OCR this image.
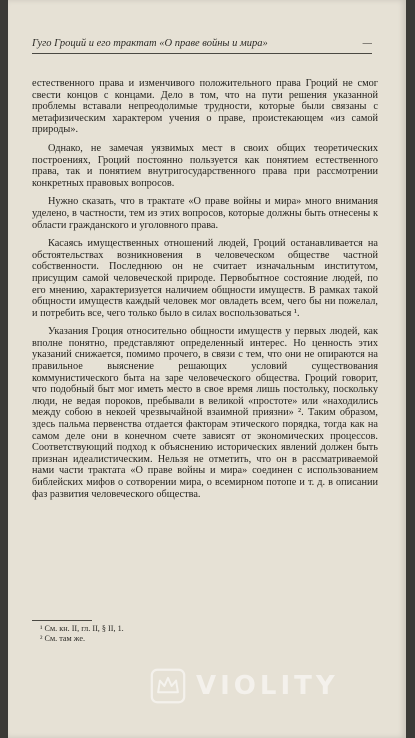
Гуго Гроций и его трактат «О праве войны и мира»	—

естественного права и изменчивого положительного права Гроций не смог свести концов с концами. Дело в том, что на пути решения указанной проблемы вставали непреодолимые трудности, которые были связаны с метафизическим характером учения о праве, проистекающем «из самой природы».

Однако, не замечая уязвимых мест в своих общих теоретических построениях, Гроций постоянно пользуется как понятием естественного права, так и понятием внутригосударственного права при рассмотрении конкретных правовых вопросов.

Нужно сказать, что в трактате «О праве войны и мира» много внимания уделено, в частности, тем из этих вопросов, которые должны быть отнесены к области гражданского и уголовного права.

Касаясь имущественных отношений людей, Гроций останавливается на обстоятельствах возникновения в человеческом обществе частной собственности. Последнюю он не считает изначальным институтом, присущим самой человеческой природе. Первобытное состояние людей, по его мнению, характеризуется наличием общности имуществ. В рамках такой общности имуществ каждый человек мог овладеть всем, чего бы ни пожелал, и потребить все, чего только было в силах воспользоваться ¹.

Указания Гроция относительно общности имуществ у первых людей, как вполне понятно, представляют определенный интерес. Но ценность этих указаний снижается, помимо прочего, в связи с тем, что они не опираются на правильное выяснение решающих условий существования коммунистического быта на заре человеческого общества. Гроций говорит, что подобный быт мог иметь место в свое время лишь постольку, поскольку люди, не ведая пороков, пребывали в великой «простоте» или «находились между собою в некоей чрезвычайной взаимной приязни» ². Таким образом, здесь пальма первенства отдается факторам этического порядка, тогда как на самом деле они в конечном счете зависят от экономических процессов. Соответствующий подход к объяснению исторических явлений должен быть признан идеалистическим. Нельзя не отметить, что он в рассматриваемой нами части трактата «О праве войны и мира» соединен с использованием библейских мифов о сотворении мира, о всемирном потопе и т. д. в описании фаз развития человеческого общества.

¹ См. кн. II, гл. II, § II, 1.
² См. там же.
VIOLITY
